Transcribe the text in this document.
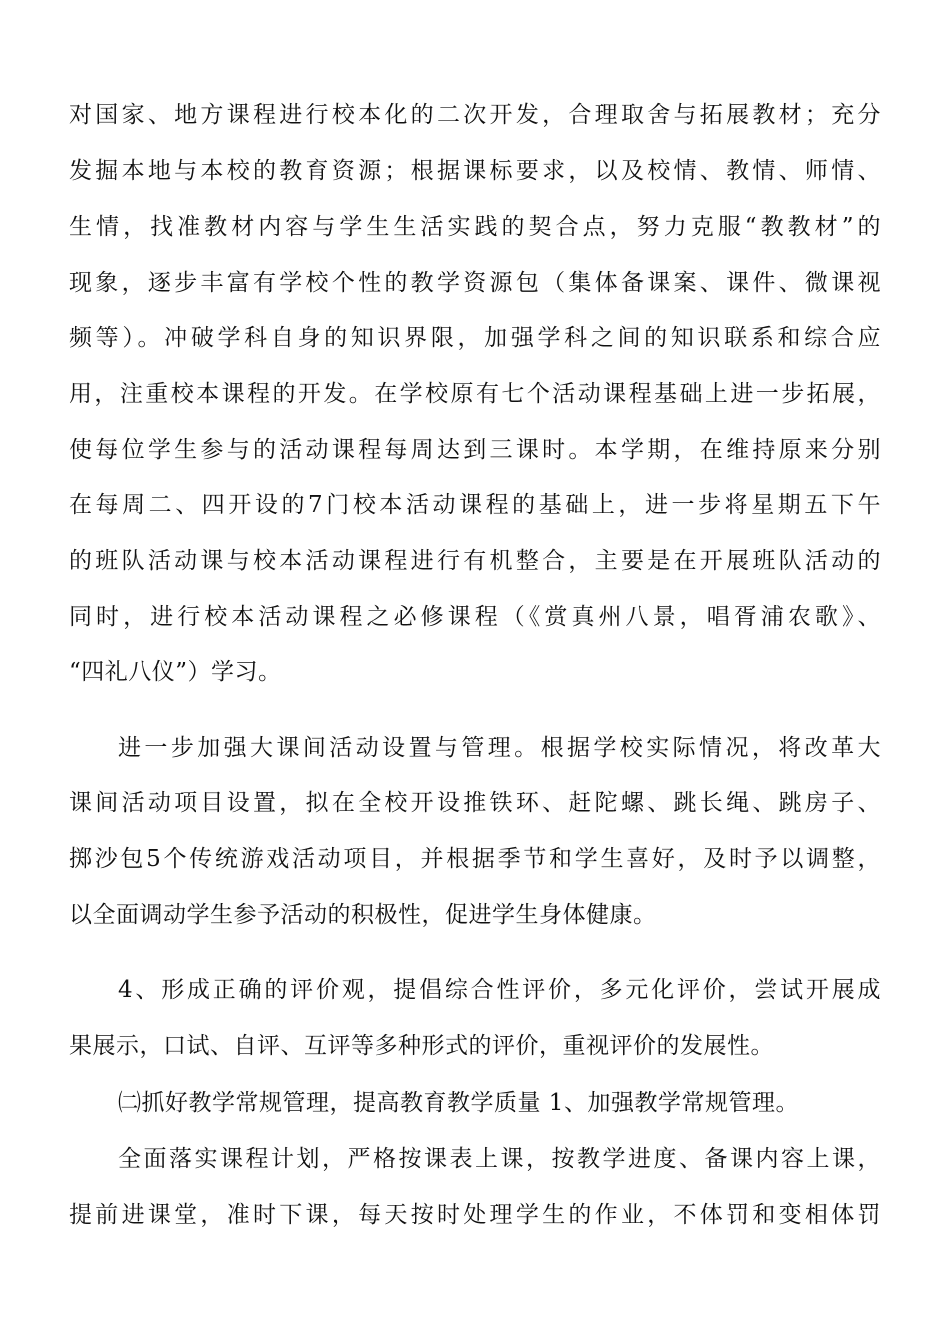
对国家、地方课程进行校本化的二次开发，合理取舍与拓展教材；充分
发掘本地与本校的教育资源；根据课标要求，以及校情、教情、师情、
生情，找准教材内容与学生生活实践的契合点，努力克服“教教材”的
现象，逐步丰富有学校个性的教学资源包（集体备课案、课件、微课视
频等）。冲破学科自身的知识界限，加强学科之间的知识联系和综合应
用，注重校本课程的开发。在学校原有七个活动课程基础上进一步拓展，
使每位学生参与的活动课程每周达到三课时。本学期，在维持原来分别
在每周二、四开设的7门校本活动课程的基础上，进一步将星期五下午
的班队活动课与校本活动课程进行有机整合，主要是在开展班队活动的
同时，进行校本活动课程之必修课程（《赏真州八景，唱胥浦农歌》、
“四礼八仪”）学习。
进一步加强大课间活动设置与管理。根据学校实际情况，将改革大
课间活动项目设置，拟在全校开设推铁环、赶陀螺、跳长绳、跳房子、
掷沙包5个传统游戏活动项目，并根据季节和学生喜好，及时予以调整，
以全面调动学生参予活动的积极性，促进学生身体健康。
4、形成正确的评价观，提倡综合性评价，多元化评价，尝试开展成
果展示，口试、自评、互评等多种形式的评价，重视评价的发展性。
㈡抓好教学常规管理，提高教育教学质量 1、加强教学常规管理。
全面落实课程计划，严格按课表上课，按教学进度、备课内容上课，
提前进课堂，准时下课，每天按时处理学生的作业，不体罚和变相体罚
